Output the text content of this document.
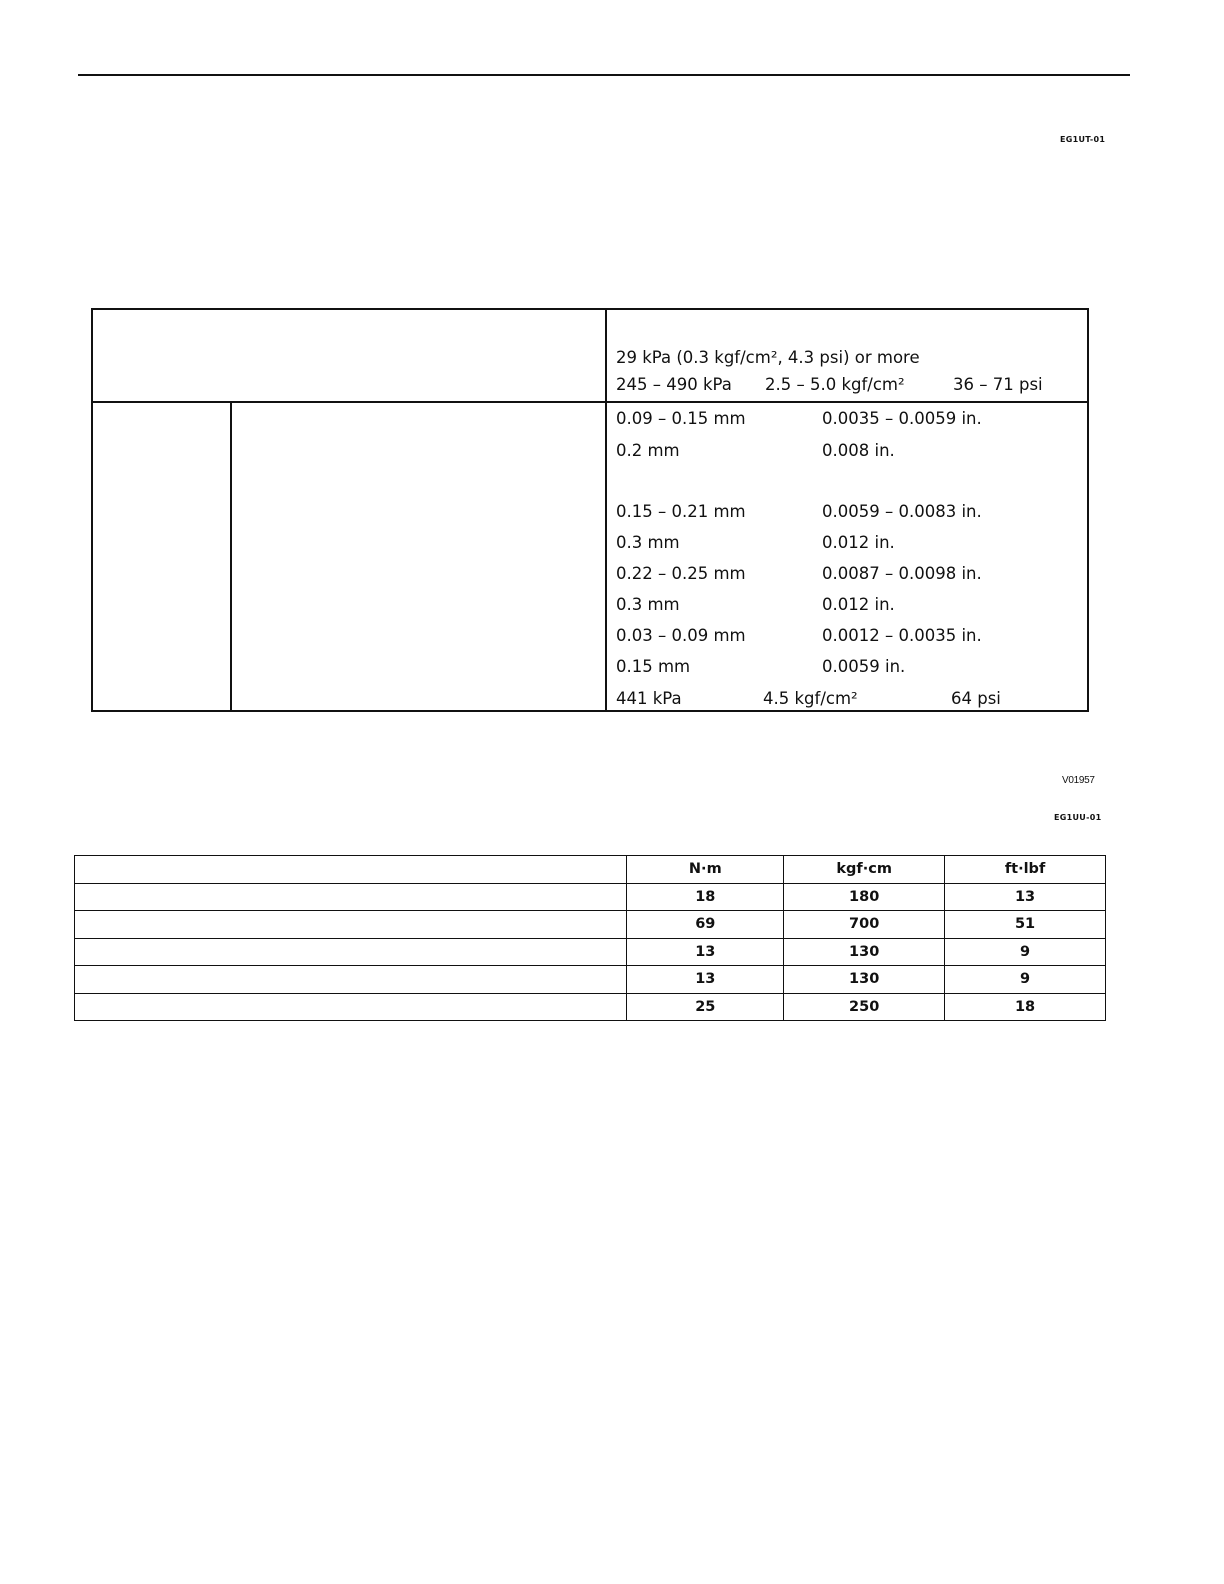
EG1UT-01
29 kPa (0.3 kgf/cm², 4.3 psi) or more
245 – 490 kPa 2.5 – 5.0 kgf/cm²	36 – 71 psi
0.09 – 0.15 mm	0.0035 – 0.0059 in.
0.2 mm	0.008 in.
0.15 – 0.21 mm	0.0059 – 0.0083 in.
0.3 mm	0.012 in.
0.22 – 0.25 mm	0.0087 – 0.0098 in.
0.3 mm	0.012 in.
0.03 – 0.09 mm	0.0012 – 0.0035 in.
0.15 mm	0.0059 in.
441 kPa	4.5 kgf/cm²	64 psi
V01957
EG1UU-01
	N·m	kgf·cm	ft·lbf
	18	180	13
	69	700	51
	13	130	9
	13	130	9
	25	250	18
